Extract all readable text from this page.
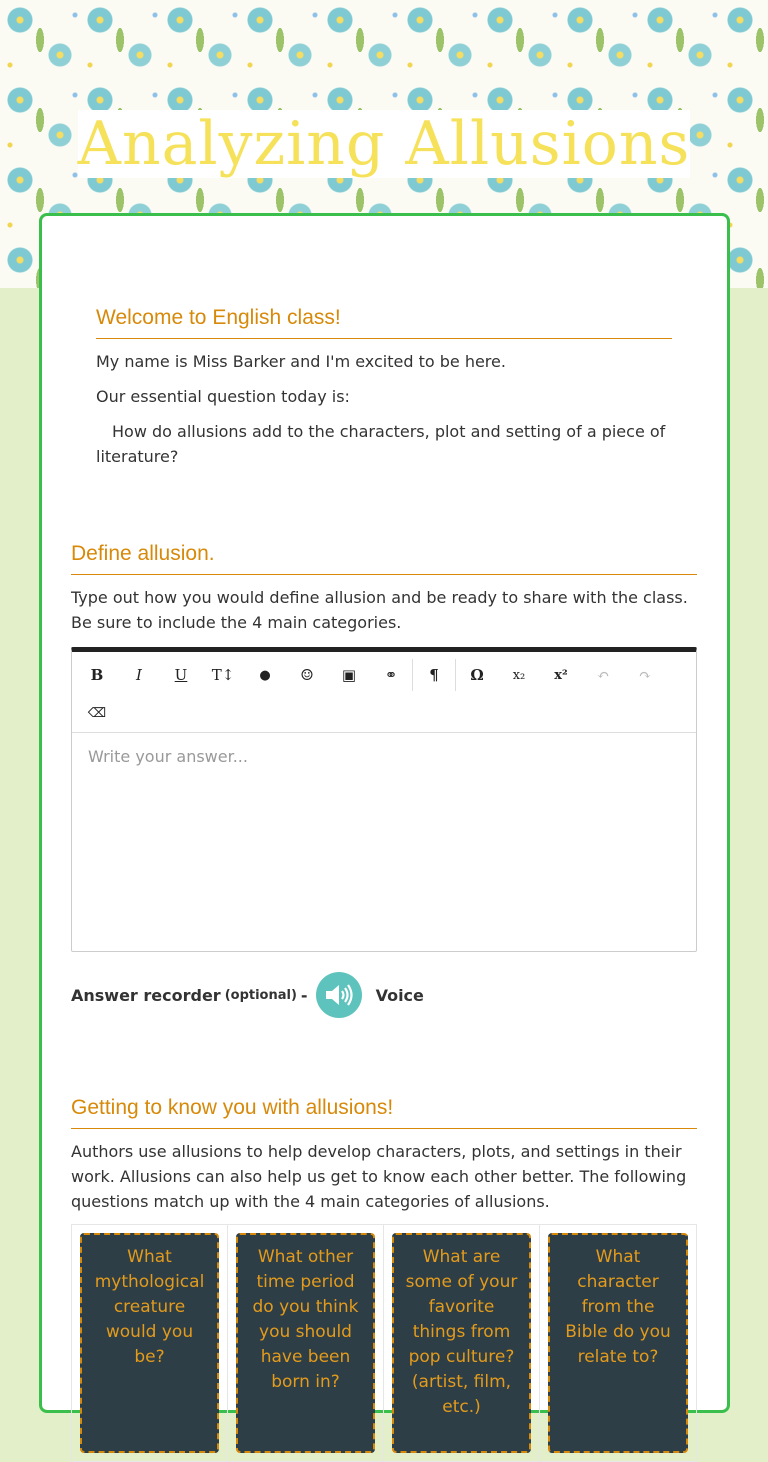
Analyzing Allusions
Welcome to English class!
My name is Miss Barker and I'm excited to be here.
Our essential question today is:
How do allusions add to the characters, plot and setting of a piece of literature?
Define allusion.
Type out how you would define allusion and be ready to share with the class. Be sure to include the 4 main categories.
B	I	U	T↕	●	☺	▣	⚭	¶	Ω	x₂	x²	↶	↷
⌫
Write your answer...
Answer recorder (optional) -	Voice
Getting to know you with allusions!
Authors use allusions to help develop characters, plots, and settings in their work. Allusions can also help us get to know each other better. The following questions match up with the 4 main categories of allusions.
What mythological creature would you be?
What other time period do you think you should have been born in?
What are some of your favorite things from pop culture? (artist, film, etc.)
What character from the Bible do you relate to?
